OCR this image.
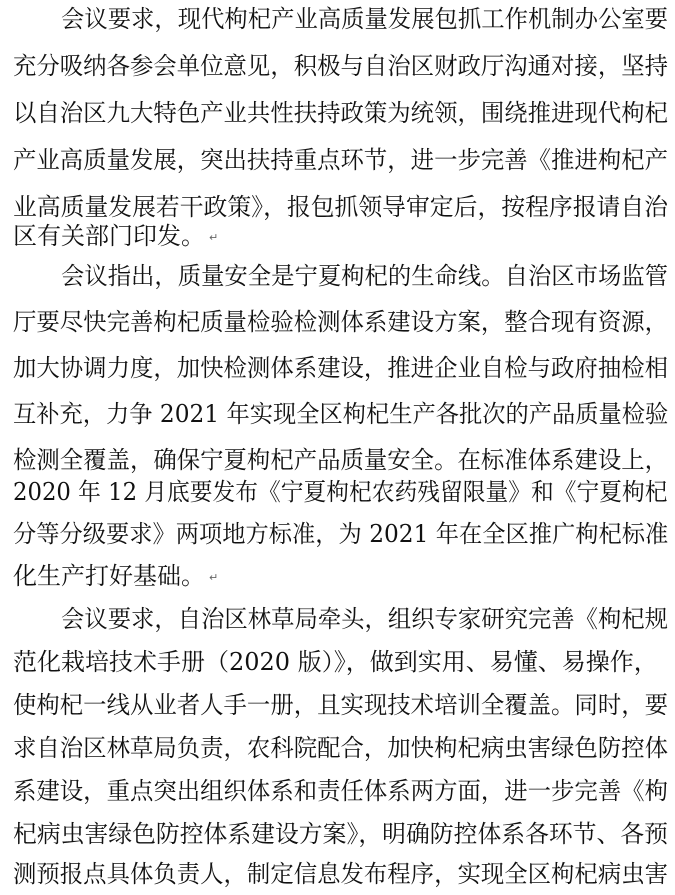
会议要求，现代枸杞产业高质量发展包抓工作机制办公室要
充分吸纳各参会单位意见，积极与自治区财政厅沟通对接，坚持
以自治区九大特色产业共性扶持政策为统领，围绕推进现代枸杞
产业高质量发展，突出扶持重点环节，进一步完善《推进枸杞产
业高质量发展若干政策》，报包抓领导审定后，按程序报请自治
区有关部门印发。 ↵
会议指出，质量安全是宁夏枸杞的生命线。自治区市场监管
厅要尽快完善枸杞质量检验检测体系建设方案，整合现有资源，
加大协调力度，加快检测体系建设，推进企业自检与政府抽检相
互补充，力争 2021 年实现全区枸杞生产各批次的产品质量检验
检测全覆盖，确保宁夏枸杞产品质量安全。在标准体系建设上，
2020 年 12 月底要发布《宁夏枸杞农药残留限量》和《宁夏枸杞
分等分级要求》两项地方标准，为 2021 年在全区推广枸杞标准
化生产打好基础。 ↵
会议要求，自治区林草局牵头，组织专家研究完善《枸杞规
范化栽培技术手册（2020 版）》，做到实用、易懂、易操作，
使枸杞一线从业者人手一册，且实现技术培训全覆盖。同时，要
求自治区林草局负责，农科院配合，加快枸杞病虫害绿色防控体
系建设，重点突出组织体系和责任体系两方面，进一步完善《枸
杞病虫害绿色防控体系建设方案》，明确防控体系各环节、各预
测预报点具体负责人，制定信息发布程序，实现全区枸杞病虫害
